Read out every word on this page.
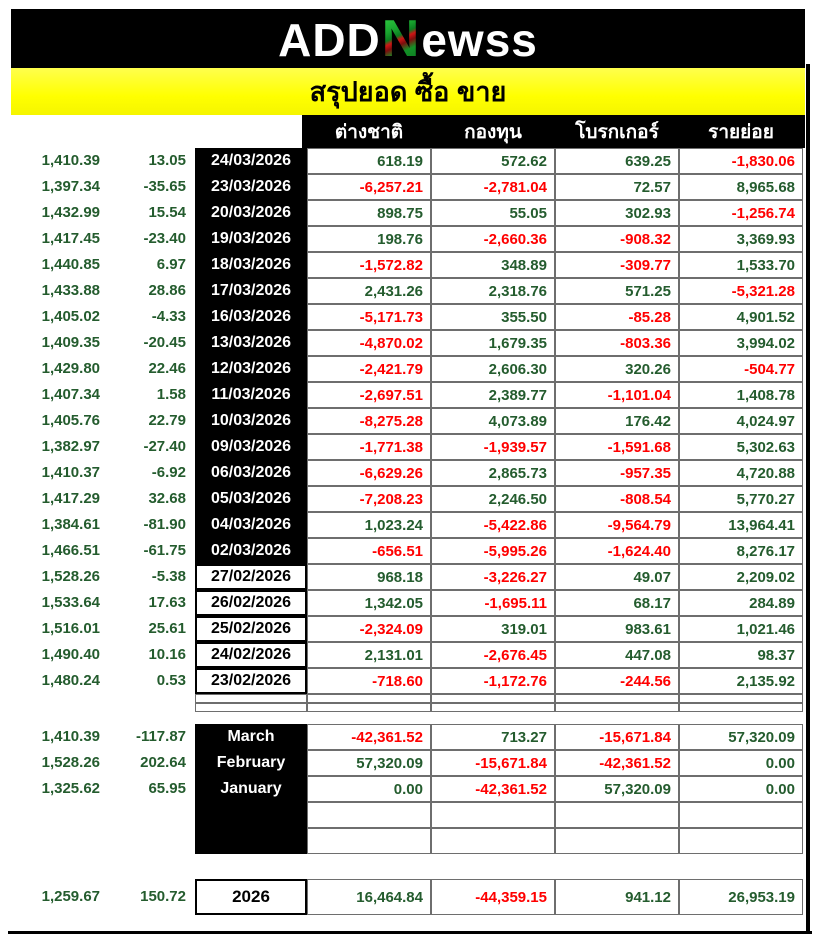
ADDNewss
สรุปยอด ซื้อ ขาย
ต่างชาติ	กองทุน	โบรกเกอร์	รายย่อย
1,410.39	13.05	24/03/2026	618.19	572.62	639.25	-1,830.06
1,397.34	-35.65	23/03/2026	-6,257.21	-2,781.04	72.57	8,965.68
1,432.99	15.54	20/03/2026	898.75	55.05	302.93	-1,256.74
1,417.45	-23.40	19/03/2026	198.76	-2,660.36	-908.32	3,369.93
1,440.85	6.97	18/03/2026	-1,572.82	348.89	-309.77	1,533.70
1,433.88	28.86	17/03/2026	2,431.26	2,318.76	571.25	-5,321.28
1,405.02	-4.33	16/03/2026	-5,171.73	355.50	-85.28	4,901.52
1,409.35	-20.45	13/03/2026	-4,870.02	1,679.35	-803.36	3,994.02
1,429.80	22.46	12/03/2026	-2,421.79	2,606.30	320.26	-504.77
1,407.34	1.58	11/03/2026	-2,697.51	2,389.77	-1,101.04	1,408.78
1,405.76	22.79	10/03/2026	-8,275.28	4,073.89	176.42	4,024.97
1,382.97	-27.40	09/03/2026	-1,771.38	-1,939.57	-1,591.68	5,302.63
1,410.37	-6.92	06/03/2026	-6,629.26	2,865.73	-957.35	4,720.88
1,417.29	32.68	05/03/2026	-7,208.23	2,246.50	-808.54	5,770.27
1,384.61	-81.90	04/03/2026	1,023.24	-5,422.86	-9,564.79	13,964.41
1,466.51	-61.75	02/03/2026	-656.51	-5,995.26	-1,624.40	8,276.17
1,528.26	-5.38	27/02/2026	968.18	-3,226.27	49.07	2,209.02
1,533.64	17.63	26/02/2026	1,342.05	-1,695.11	68.17	284.89
1,516.01	25.61	25/02/2026	-2,324.09	319.01	983.61	1,021.46
1,490.40	10.16	24/02/2026	2,131.01	-2,676.45	447.08	98.37
1,480.24	0.53	23/02/2026	-718.60	-1,172.76	-244.56	2,135.92
1,410.39	-117.87	March	-42,361.52	713.27	-15,671.84	57,320.09
1,528.26	202.64	February	57,320.09	-15,671.84	-42,361.52	0.00
1,325.62	65.95	January	0.00	-42,361.52	57,320.09	0.00
1,259.67	150.72	2026	16,464.84	-44,359.15	941.12	26,953.19
